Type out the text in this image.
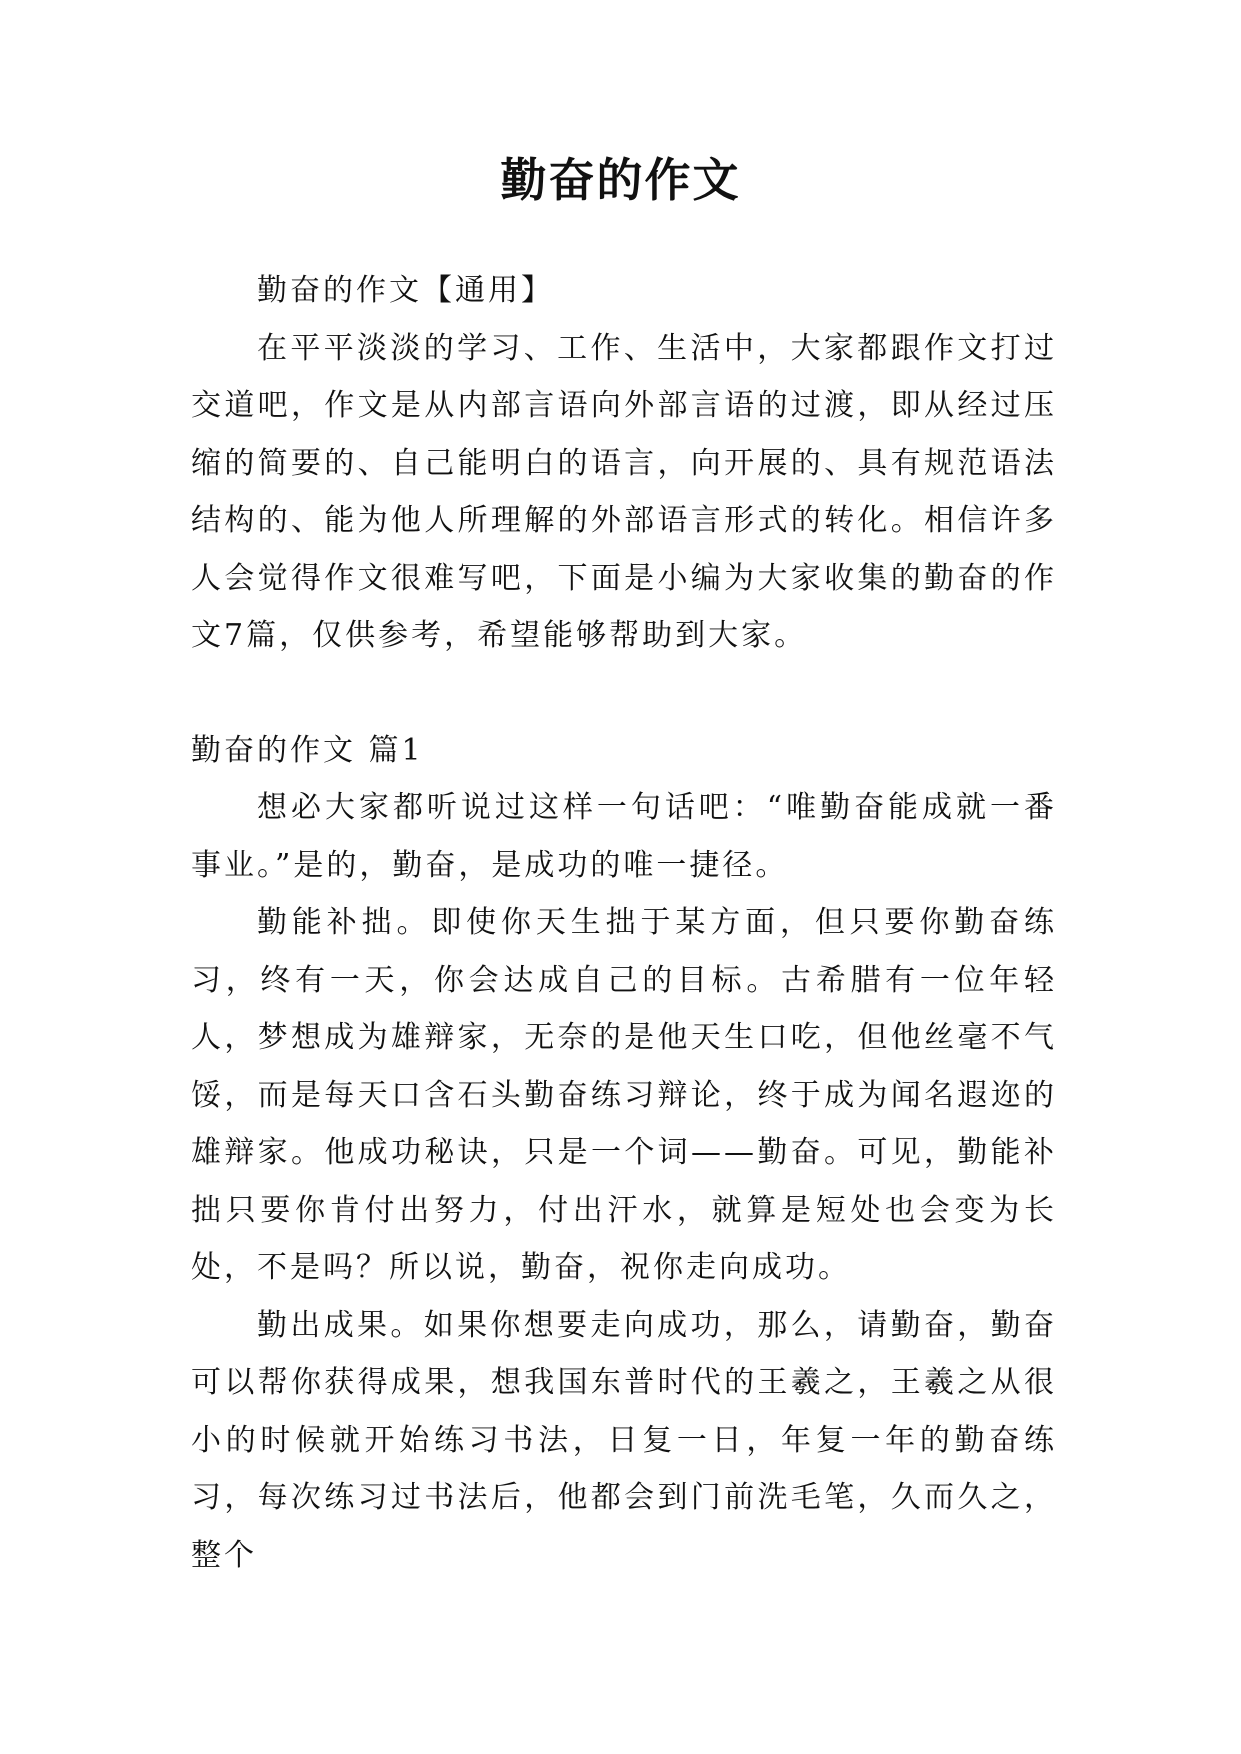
勤奋的作文

勤奋的作文【通用】

在平平淡淡的学习、工作、生活中，大家都跟作文打过交道吧，作文是从内部言语向外部言语的过渡，即从经过压缩的简要的、自己能明白的语言，向开展的、具有规范语法结构的、能为他人所理解的外部语言形式的转化。相信许多人会觉得作文很难写吧，下面是小编为大家收集的勤奋的作文7篇，仅供参考，希望能够帮助到大家。

勤奋的作文 篇1

想必大家都听说过这样一句话吧：“唯勤奋能成就一番事业。”是的，勤奋，是成功的唯一捷径。

勤能补拙。即使你天生拙于某方面，但只要你勤奋练习，终有一天，你会达成自己的目标。古希腊有一位年轻人，梦想成为雄辩家，无奈的是他天生口吃，但他丝毫不气馁，而是每天口含石头勤奋练习辩论，终于成为闻名遐迩的雄辩家。他成功秘诀，只是一个词——勤奋。可见，勤能补拙只要你肯付出努力，付出汗水，就算是短处也会变为长处，不是吗？所以说，勤奋，祝你走向成功。

勤出成果。如果你想要走向成功，那么，请勤奋，勤奋可以帮你获得成果，想我国东普时代的王羲之，王羲之从很小的时候就开始练习书法，日复一日，年复一年的勤奋练习，每次练习过书法后，他都会到门前洗毛笔，久而久之，整个
